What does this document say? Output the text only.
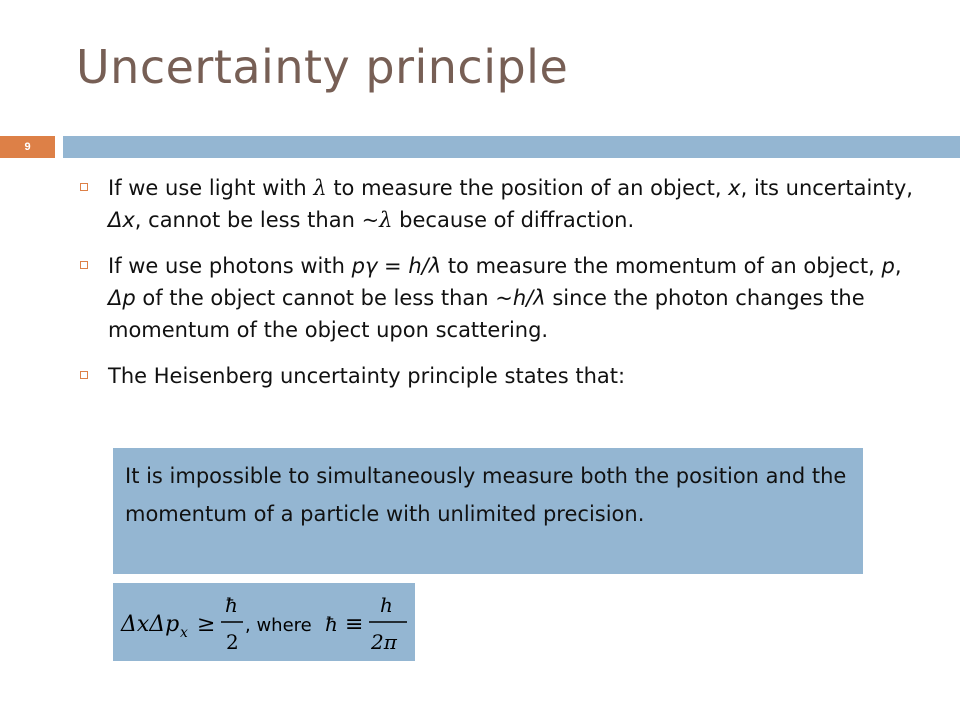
Uncertainty principle
9
If we use light with λ to measure the position of an object, x, its uncertainty, Δx, cannot be less than ~λ because of diffraction.
If we use photons with pγ = h/λ to measure the momentum of an object, p, Δp of the object cannot be less than ~h/λ since the photon changes the momentum of the object upon scattering.
The Heisenberg uncertainty principle states that:
It is impossible to simultaneously measure both the position and the momentum of a particle with unlimited precision.
ΔxΔp x ≥
ħ
2
, where ħ ≡
h
2π
